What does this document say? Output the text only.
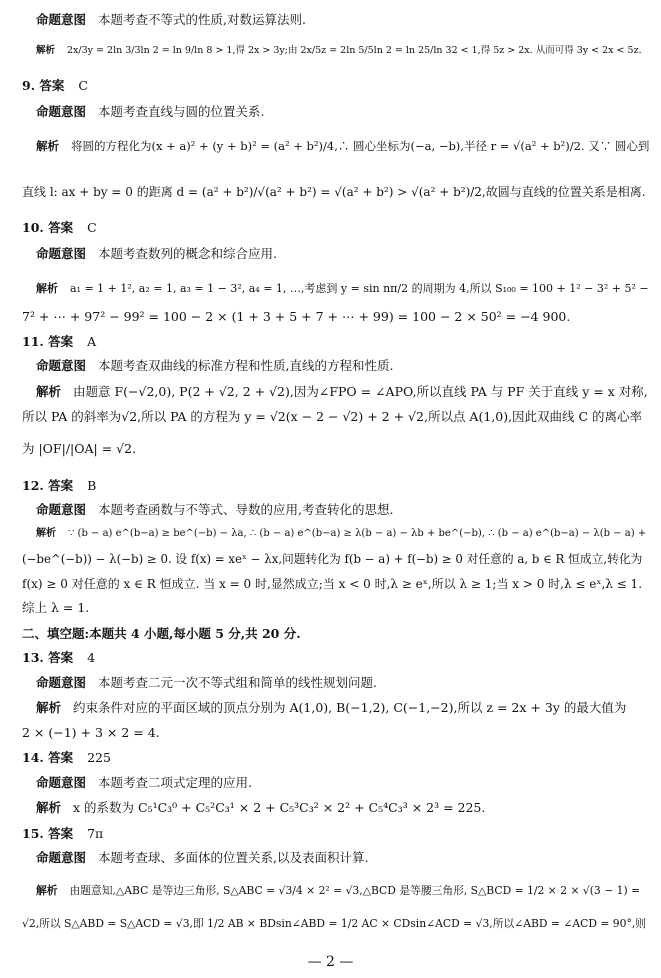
命题意图 本题考查不等式的性质,对数运算法则.
解析 2x/3y = 2ln 3/3ln 2 = ln 9/ln 8 > 1,得 2x > 3y;由 2x/5z = 2ln 5/5ln 2 = ln 25/ln 32 < 1,得 5z > 2x. 从而可得 3y < 2x < 5z.
9. 答案 C
命题意图 本题考查直线与圆的位置关系.
解析 将圆的方程化为(x + a)² + (y + b)² = (a² + b²)/4,∴ 圆心坐标为(−a, −b),半径 r = √(a² + b²)/2. 又∵ 圆心到
直线 l: ax + by = 0 的距离 d = (a² + b²)/√(a² + b²) = √(a² + b²) > √(a² + b²)/2,故圆与直线的位置关系是相离.
10. 答案 C
命题意图 本题考查数列的概念和综合应用.
解析 a₁ = 1 + 1², a₂ = 1, a₃ = 1 − 3², a₄ = 1, …,考虑到 y = sin nπ/2 的周期为 4,所以 S₁₀₀ = 100 + 1² − 3² + 5² −
7² + ⋯ + 97² − 99² = 100 − 2 × (1 + 3 + 5 + 7 + ⋯ + 99) = 100 − 2 × 50² = −4 900.
11. 答案 A
命题意图 本题考查双曲线的标准方程和性质,直线的方程和性质.
解析 由题意 F(−√2,0), P(2 + √2, 2 + √2),因为∠FPO = ∠APO,所以直线 PA 与 PF 关于直线 y = x 对称,
所以 PA 的斜率为√2,所以 PA 的方程为 y = √2(x − 2 − √2) + 2 + √2,所以点 A(1,0),因此双曲线 C 的离心率
为 |OF|/|OA| = √2.
12. 答案 B
命题意图 本题考查函数与不等式、导数的应用,考查转化的思想.
解析 ∵ (b − a) e^(b−a) ≥ be^(−b) − λa, ∴ (b − a) e^(b−a) ≥ λ(b − a) − λb + be^(−b), ∴ (b − a) e^(b−a) − λ(b − a) +
(−be^(−b)) − λ(−b) ≥ 0. 设 f(x) = xeˣ − λx,问题转化为 f(b − a) + f(−b) ≥ 0 对任意的 a, b ∈ R 恒成立,转化为
f(x) ≥ 0 对任意的 x ∈ R 恒成立. 当 x = 0 时,显然成立;当 x < 0 时,λ ≥ eˣ,所以 λ ≥ 1;当 x > 0 时,λ ≤ eˣ,λ ≤ 1.
综上 λ = 1.
二、填空题:本题共 4 小题,每小题 5 分,共 20 分.
13. 答案 4
命题意图 本题考查二元一次不等式组和简单的线性规划问题.
解析 约束条件对应的平面区域的顶点分别为 A(1,0), B(−1,2), C(−1,−2),所以 z = 2x + 3y 的最大值为
2 × (−1) + 3 × 2 = 4.
14. 答案 225
命题意图 本题考查二项式定理的应用.
解析 x 的系数为 C₅¹C₃⁰ + C₅²C₃¹ × 2 + C₅³C₃² × 2² + C₅⁴C₃³ × 2³ = 225.
15. 答案 7π
命题意图 本题考查球、多面体的位置关系,以及表面积计算.
解析 由题意知,△ABC 是等边三角形, S△ABC = √3/4 × 2² = √3,△BCD 是等腰三角形, S△BCD = 1/2 × 2 × √(3 − 1) =
√2,所以 S△ABD = S△ACD = √3,即 1/2 AB × BDsin∠ABD = 1/2 AC × CDsin∠ACD = √3,所以∠ABD = ∠ACD = 90°,则
— 2 —
